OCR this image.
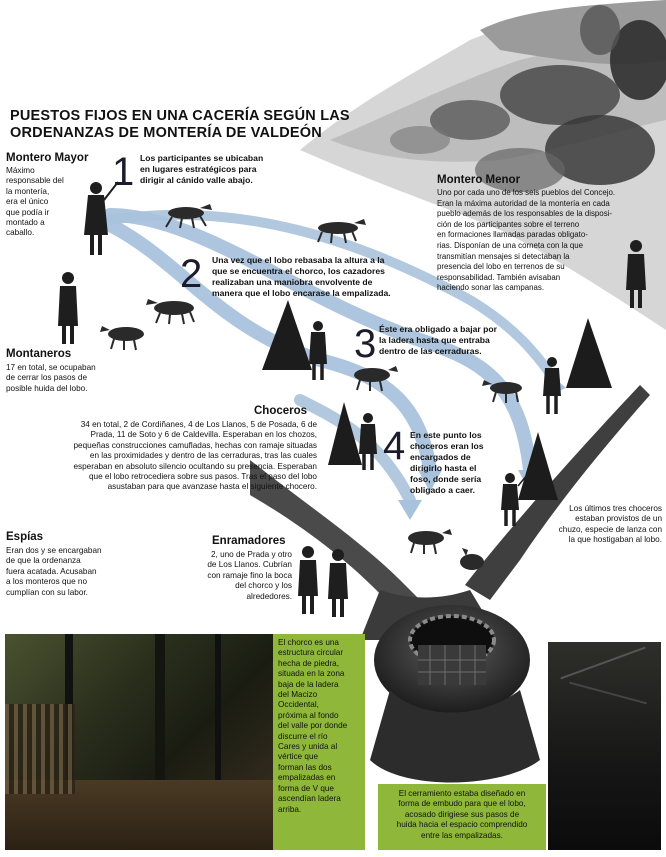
El chorco es una
estructura circular
hecha de piedra,
situada en la zona
baja de la ladera
del Macizo
Occidental,
próxima al fondo
del valle por donde
discurre el río
Cares y unida al
vértice que
forman las dos
empalizadas en
forma de V que
ascendían ladera
arriba.
El cerramiento estaba diseñado en
forma de embudo para que el lobo,
acosado dirigiese sus pasos de
huida hacia el espacio comprendido
entre las empalizadas.
PUESTOS FIJOS EN UNA CACERÍA SEGÚN LAS
ORDENANZAS DE MONTERÍA DE VALDEÓN
Montero Mayor
Máximo
responsable del
la montería,
era el único
que podía ir
montado a
caballo.
1 Los participantes se ubicaban
en lugares estratégicos para
dirigir al cánido valle abajo.	Montero Menor
Uno por cada uno de los seis pueblos del Concejo.
Eran la máxima autoridad de la montería en cada
pueblo además de los responsables de la disposi-
ción de los participantes sobre el terreno
en formaciones llamadas paradas obligato-
rias. Disponían de una corneta con la que
transmitían mensajes si detectaban la
presencia del lobo en terrenos de su
responsabilidad. También avisaban
haciendo sonar las campanas.
2 Una vez que el lobo rebasaba la altura a la
que se encuentra el chorco, los cazadores
realizaban una maniobra envolvente de
manera que el lobo encarase la empalizada.
Montaneros
17 en total, se ocupaban
de cerrar los pasos de
posible huida del lobo.
3 Éste era obligado a bajar por
la ladera hasta que entraba
dentro de las cerraduras.
Choceros
34 en total, 2 de Cordiñanes, 4 de Los Llanos, 5 de Posada, 6 de
Prada, 11 de Soto y 6 de Caldevilla. Esperaban en los chozos,
pequeñas construcciones camufladas, hechas con ramaje situadas
en las proximidades y dentro de las cerraduras, tras las cuales
esperaban en absoluto silencio ocultando su presencia. Esperaban
que el lobo retrocediera sobre sus pasos. Tras el paso del lobo
asustaban para que avanzase hasta el siguiente chocero.
4 En este punto los
choceros eran los
encargados de
dirigirlo hasta el
foso, donde sería
obligado a caer.
Los últimos tres choceros
estaban provistos de un
chuzo, especie de lanza con
la que hostigaban al lobo.
Espías
Eran dos y se encargaban
de que la ordenanza
fuera acatada. Acusaban
a los monteros que no
cumplían con su labor.
Enramadores
2, uno de Prada y otro
de Los Llanos. Cubrían
con ramaje fino la boca
del chorco y los
alrededores.
